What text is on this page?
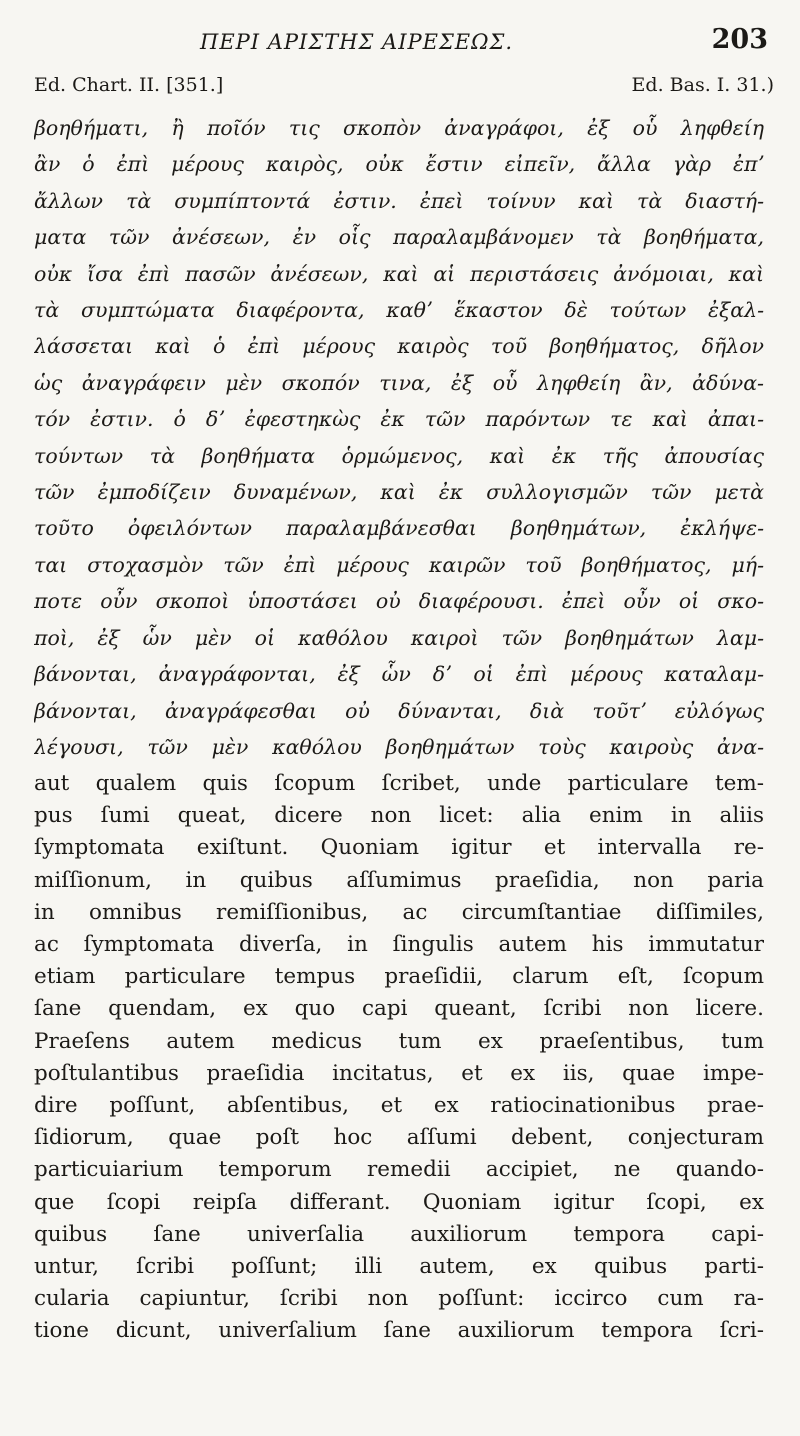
ΠΕΡΙ ΑΡΙΣΤΗΣ ΑΙΡΕΣΕΩΣ.	203
Ed. Chart. II. [351.]	Ed. Bas. I. 31.)
βοηθήματι, ἢ ποῖόν τις σκοπὸν ἀναγράφοι, ἐξ οὗ ληφθείη
ἂν ὁ ἐπὶ μέρους καιρὸς, οὐκ ἔστιν εἰπεῖν, ἄλλα γὰρ ἐπʼ
ἄλλων τὰ συμπίπτοντά ἐστιν. ἐπεὶ τοίνυν καὶ τὰ διαστή-
ματα τῶν ἀνέσεων, ἐν οἷς παραλαμβάνομεν τὰ βοηθήματα,
οὐκ ἴσα ἐπὶ πασῶν ἀνέσεων, καὶ αἱ περιστάσεις ἀνόμοιαι, καὶ
τὰ συμπτώματα διαφέροντα, καθʼ ἕκαστον δὲ τούτων ἐξαλ-
λάσσεται καὶ ὁ ἐπὶ μέρους καιρὸς τοῦ βοηθήματος, δῆλον
ὡς ἀναγράφειν μὲν σκοπόν τινα, ἐξ οὗ ληφθείη ἂν, ἀδύνα-
τόν ἐστιν. ὁ δʼ ἐφεστηκὼς ἐκ τῶν παρόντων τε καὶ ἀπαι-
τούντων τὰ βοηθήματα ὁρμώμενος, καὶ ἐκ τῆς ἀπουσίας
τῶν ἐμποδίζειν δυναμένων, καὶ ἐκ συλλογισμῶν τῶν μετὰ
τοῦτο ὀφειλόντων παραλαμβάνεσθαι βοηθημάτων, ἐκλήψε-
ται στοχασμὸν τῶν ἐπὶ μέρους καιρῶν τοῦ βοηθήματος, μή-
ποτε οὖν σκοποὶ ὑποστάσει οὐ διαφέρουσι. ἐπεὶ οὖν οἱ σκο-
ποὶ, ἐξ ὧν μὲν οἱ καθόλου καιροὶ τῶν βοηθημάτων λαμ-
βάνονται, ἀναγράφονται, ἐξ ὧν δʼ οἱ ἐπὶ μέρους καταλαμ-
βάνονται, ἀναγράφεσθαι οὐ δύνανται, διὰ τοῦτʼ εὐλόγως
λέγουσι, τῶν μὲν καθόλου βοηθημάτων τοὺς καιροὺς ἀνα-
aut qualem quis ſcopum ſcribet, unde particulare tem-
pus ſumi queat, dicere non licet: alia enim in aliis
ſymptomata exiſtunt. Quoniam igitur et intervalla re-
miſſionum, in quibus aſſumimus praeſidia, non paria
in omnibus remiſſionibus, ac circumſtantiae diſſimiles,
ac ſymptomata diverſa, in ſingulis autem his immutatur
etiam particulare tempus praeſidii, clarum eſt, ſcopum
ſane quendam, ex quo capi queant, ſcribi non licere.
Praeſens autem medicus tum ex praeſentibus, tum
poſtulantibus praeſidia incitatus, et ex iis, quae impe-
dire poſſunt, abſentibus, et ex ratiocinationibus prae-
ſidiorum, quae poſt hoc aſſumi debent, conjecturam
particuiarium temporum remedii accipiet, ne quando-
que ſcopi reipſa differant. Quoniam igitur ſcopi, ex
quibus ſane univerſalia auxiliorum tempora capi-
untur, ſcribi poſſunt; illi autem, ex quibus parti-
cularia capiuntur, ſcribi non poſſunt: iccirco cum ra-
tione dicunt, univerſalium ſane auxiliorum tempora ſcri-
